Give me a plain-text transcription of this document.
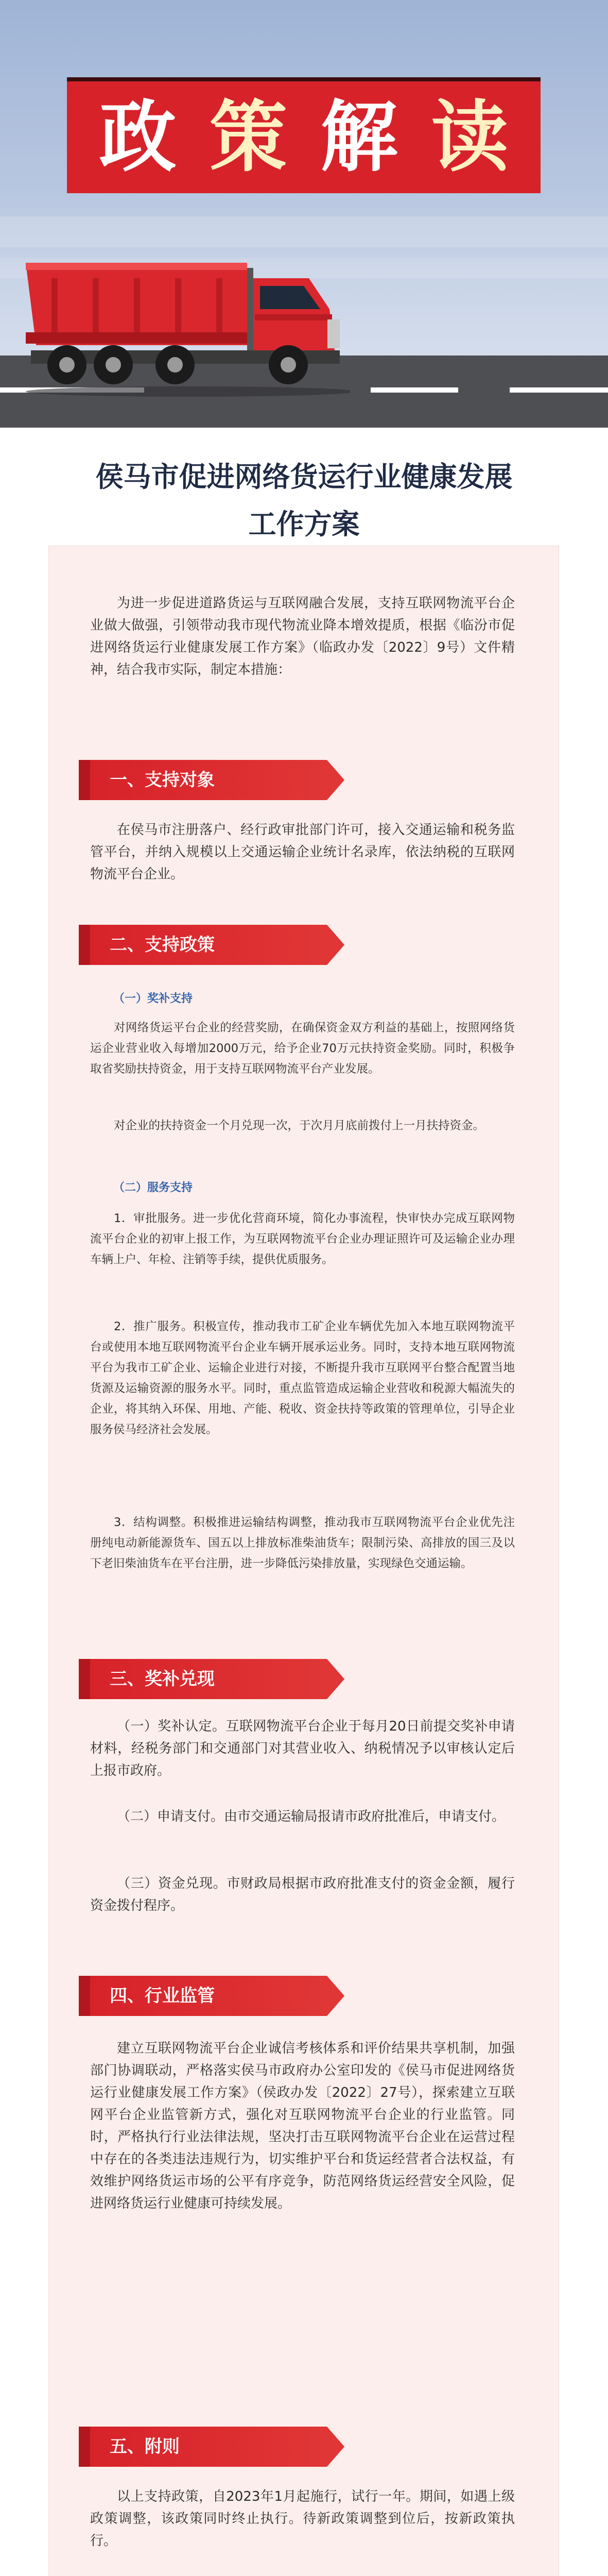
政 策 解 读
侯马市促进网络货运行业健康发展
工作方案
为进一步促进道路货运与互联网融合发展，支持互联网物流平台企业做大做强，引领带动我市现代物流业降本增效提质，根据《临汾市促进网络货运行业健康发展工作方案》（临政办发〔2022〕9号）文件精神，结合我市实际，制定本措施：
一、支持对象
在侯马市注册落户、经行政审批部门许可，接入交通运输和税务监管平台，并纳入规模以上交通运输企业统计名录库，依法纳税的互联网物流平台企业。
二、支持政策
（一）奖补支持
对网络货运平台企业的经营奖励，在确保资金双方利益的基础上，按照网络货运企业营业收入每增加2000万元，给予企业70万元扶持资金奖励。同时，积极争取省奖励扶持资金，用于支持互联网物流平台产业发展。
对企业的扶持资金一个月兑现一次，于次月月底前拨付上一月扶持资金。
（二）服务支持
1．审批服务。进一步优化营商环境，简化办事流程，快审快办完成互联网物流平台企业的初审上报工作，为互联网物流平台企业办理证照许可及运输企业办理车辆上户、年检、注销等手续，提供优质服务。
2．推广服务。积极宣传，推动我市工矿企业车辆优先加入本地互联网物流平台或使用本地互联网物流平台企业车辆开展承运业务。同时，支持本地互联网物流平台为我市工矿企业、运输企业进行对接，不断提升我市互联网平台整合配置当地货源及运输资源的服务水平。同时，重点监管造成运输企业营收和税源大幅流失的企业，将其纳入环保、用地、产能、税收、资金扶持等政策的管理单位，引导企业服务侯马经济社会发展。
3．结构调整。积极推进运输结构调整，推动我市互联网物流平台企业优先注册纯电动新能源货车、国五以上排放标准柴油货车；限制污染、高排放的国三及以下老旧柴油货车在平台注册，进一步降低污染排放量，实现绿色交通运输。
三、奖补兑现
（一）奖补认定。互联网物流平台企业于每月20日前提交奖补申请材料，经税务部门和交通部门对其营业收入、纳税情况予以审核认定后上报市政府。
（二）申请支付。由市交通运输局报请市政府批准后，申请支付。
（三）资金兑现。市财政局根据市政府批准支付的资金金额，履行资金拨付程序。
四、行业监管
建立互联网物流平台企业诚信考核体系和评价结果共享机制，加强部门协调联动，严格落实侯马市政府办公室印发的《侯马市促进网络货运行业健康发展工作方案》（侯政办发〔2022〕27号），探索建立互联网平台企业监管新方式，强化对互联网物流平台企业的行业监管。同时，严格执行行业法律法规，坚决打击互联网物流平台企业在运营过程中存在的各类违法违规行为，切实维护平台和货运经营者合法权益，有效维护网络货运市场的公平有序竞争，防范网络货运经营安全风险，促进网络货运行业健康可持续发展。
五、附则
以上支持政策，自2023年1月起施行，试行一年。期间，如遇上级政策调整，该政策同时终止执行。待新政策调整到位后，按新政策执行。
